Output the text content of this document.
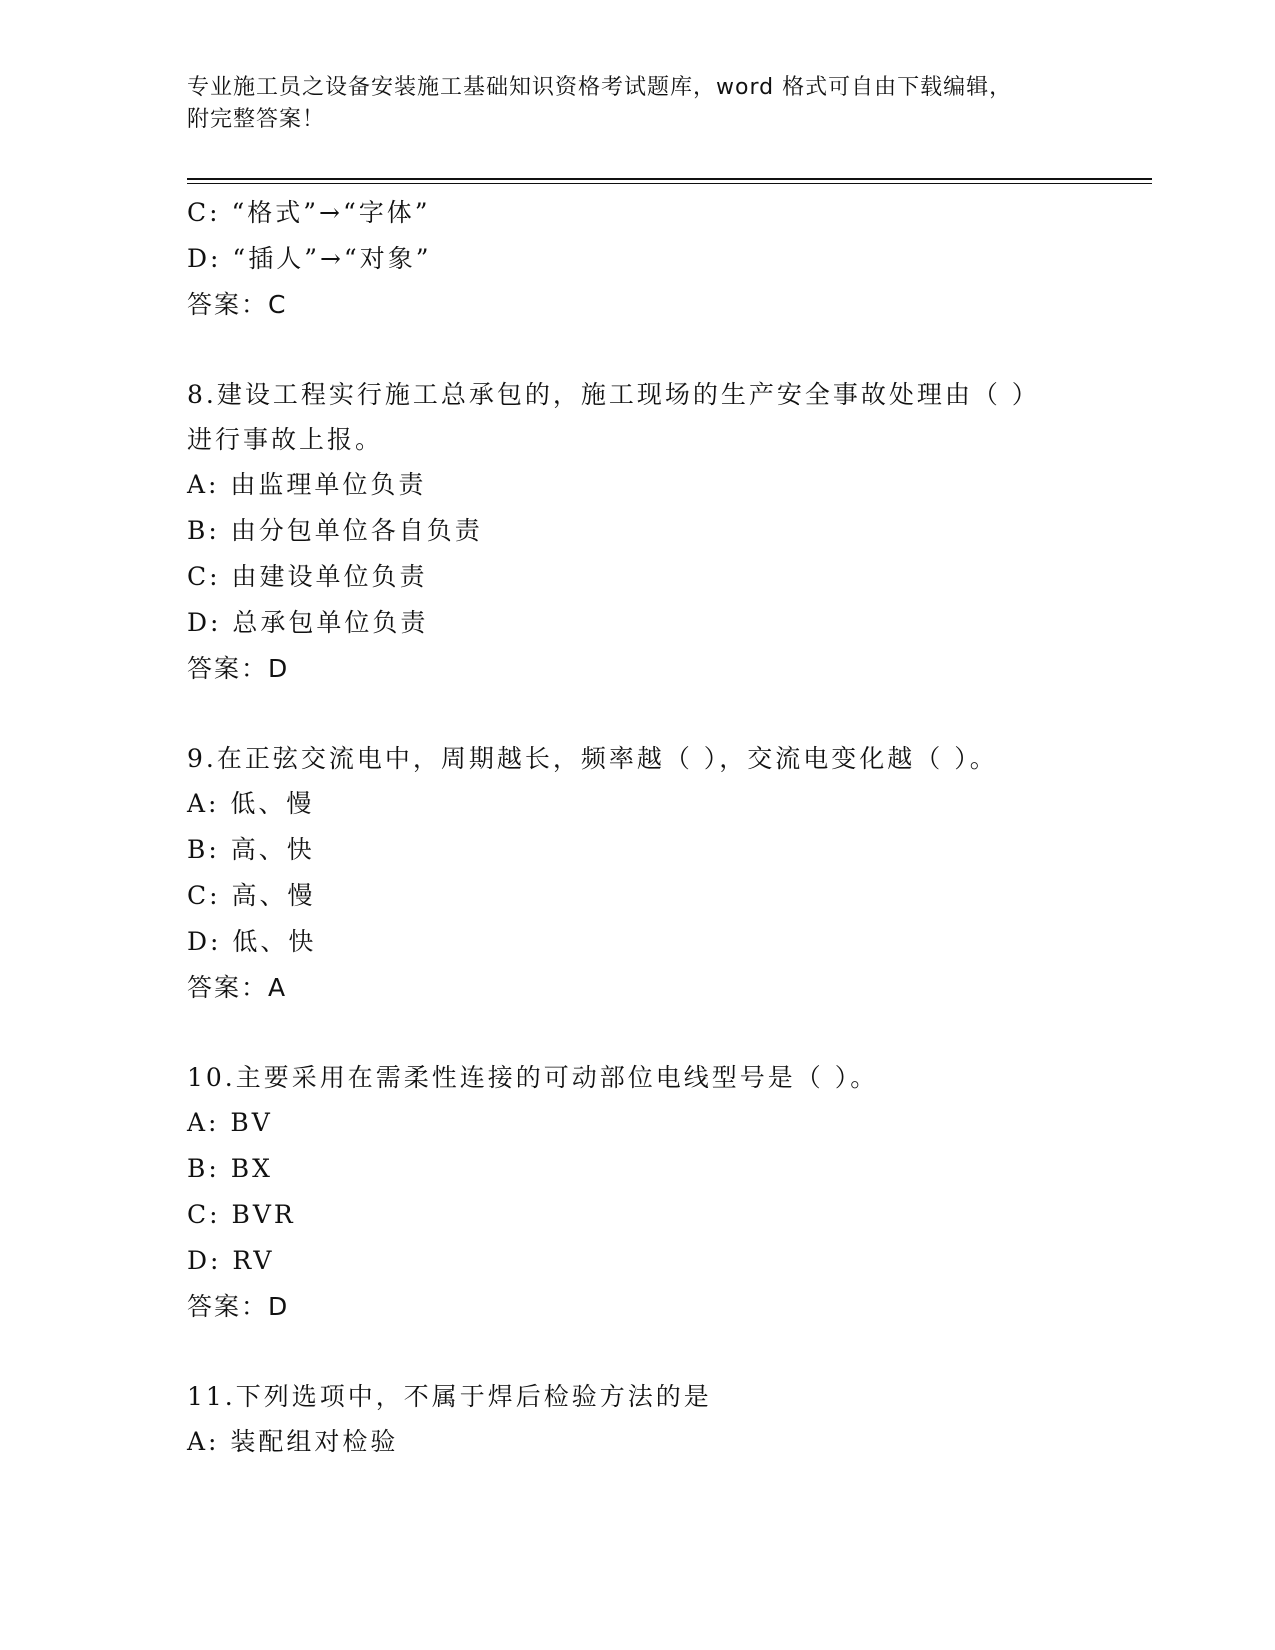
专业施工员之设备安装施工基础知识资格考试题库，word 格式可自由下载编辑，
附完整答案！
C: “格式”→“字体”
D: “插人”→“对象”
答案：C
8.建设工程实行施工总承包的，施工现场的生产安全事故处理由（ ）进行事故上报。
A: 由监理单位负责
B: 由分包单位各自负责
C: 由建设单位负责
D: 总承包单位负责
答案：D
9.在正弦交流电中，周期越长，频率越（ ），交流电变化越（ ）。
A: 低、慢
B: 高、快
C: 高、慢
D: 低、快
答案：A
10.主要采用在需柔性连接的可动部位电线型号是（ ）。
A: BV
B: BX
C: BVR
D: RV
答案：D
11.下列选项中，不属于焊后检验方法的是
A: 装配组对检验
